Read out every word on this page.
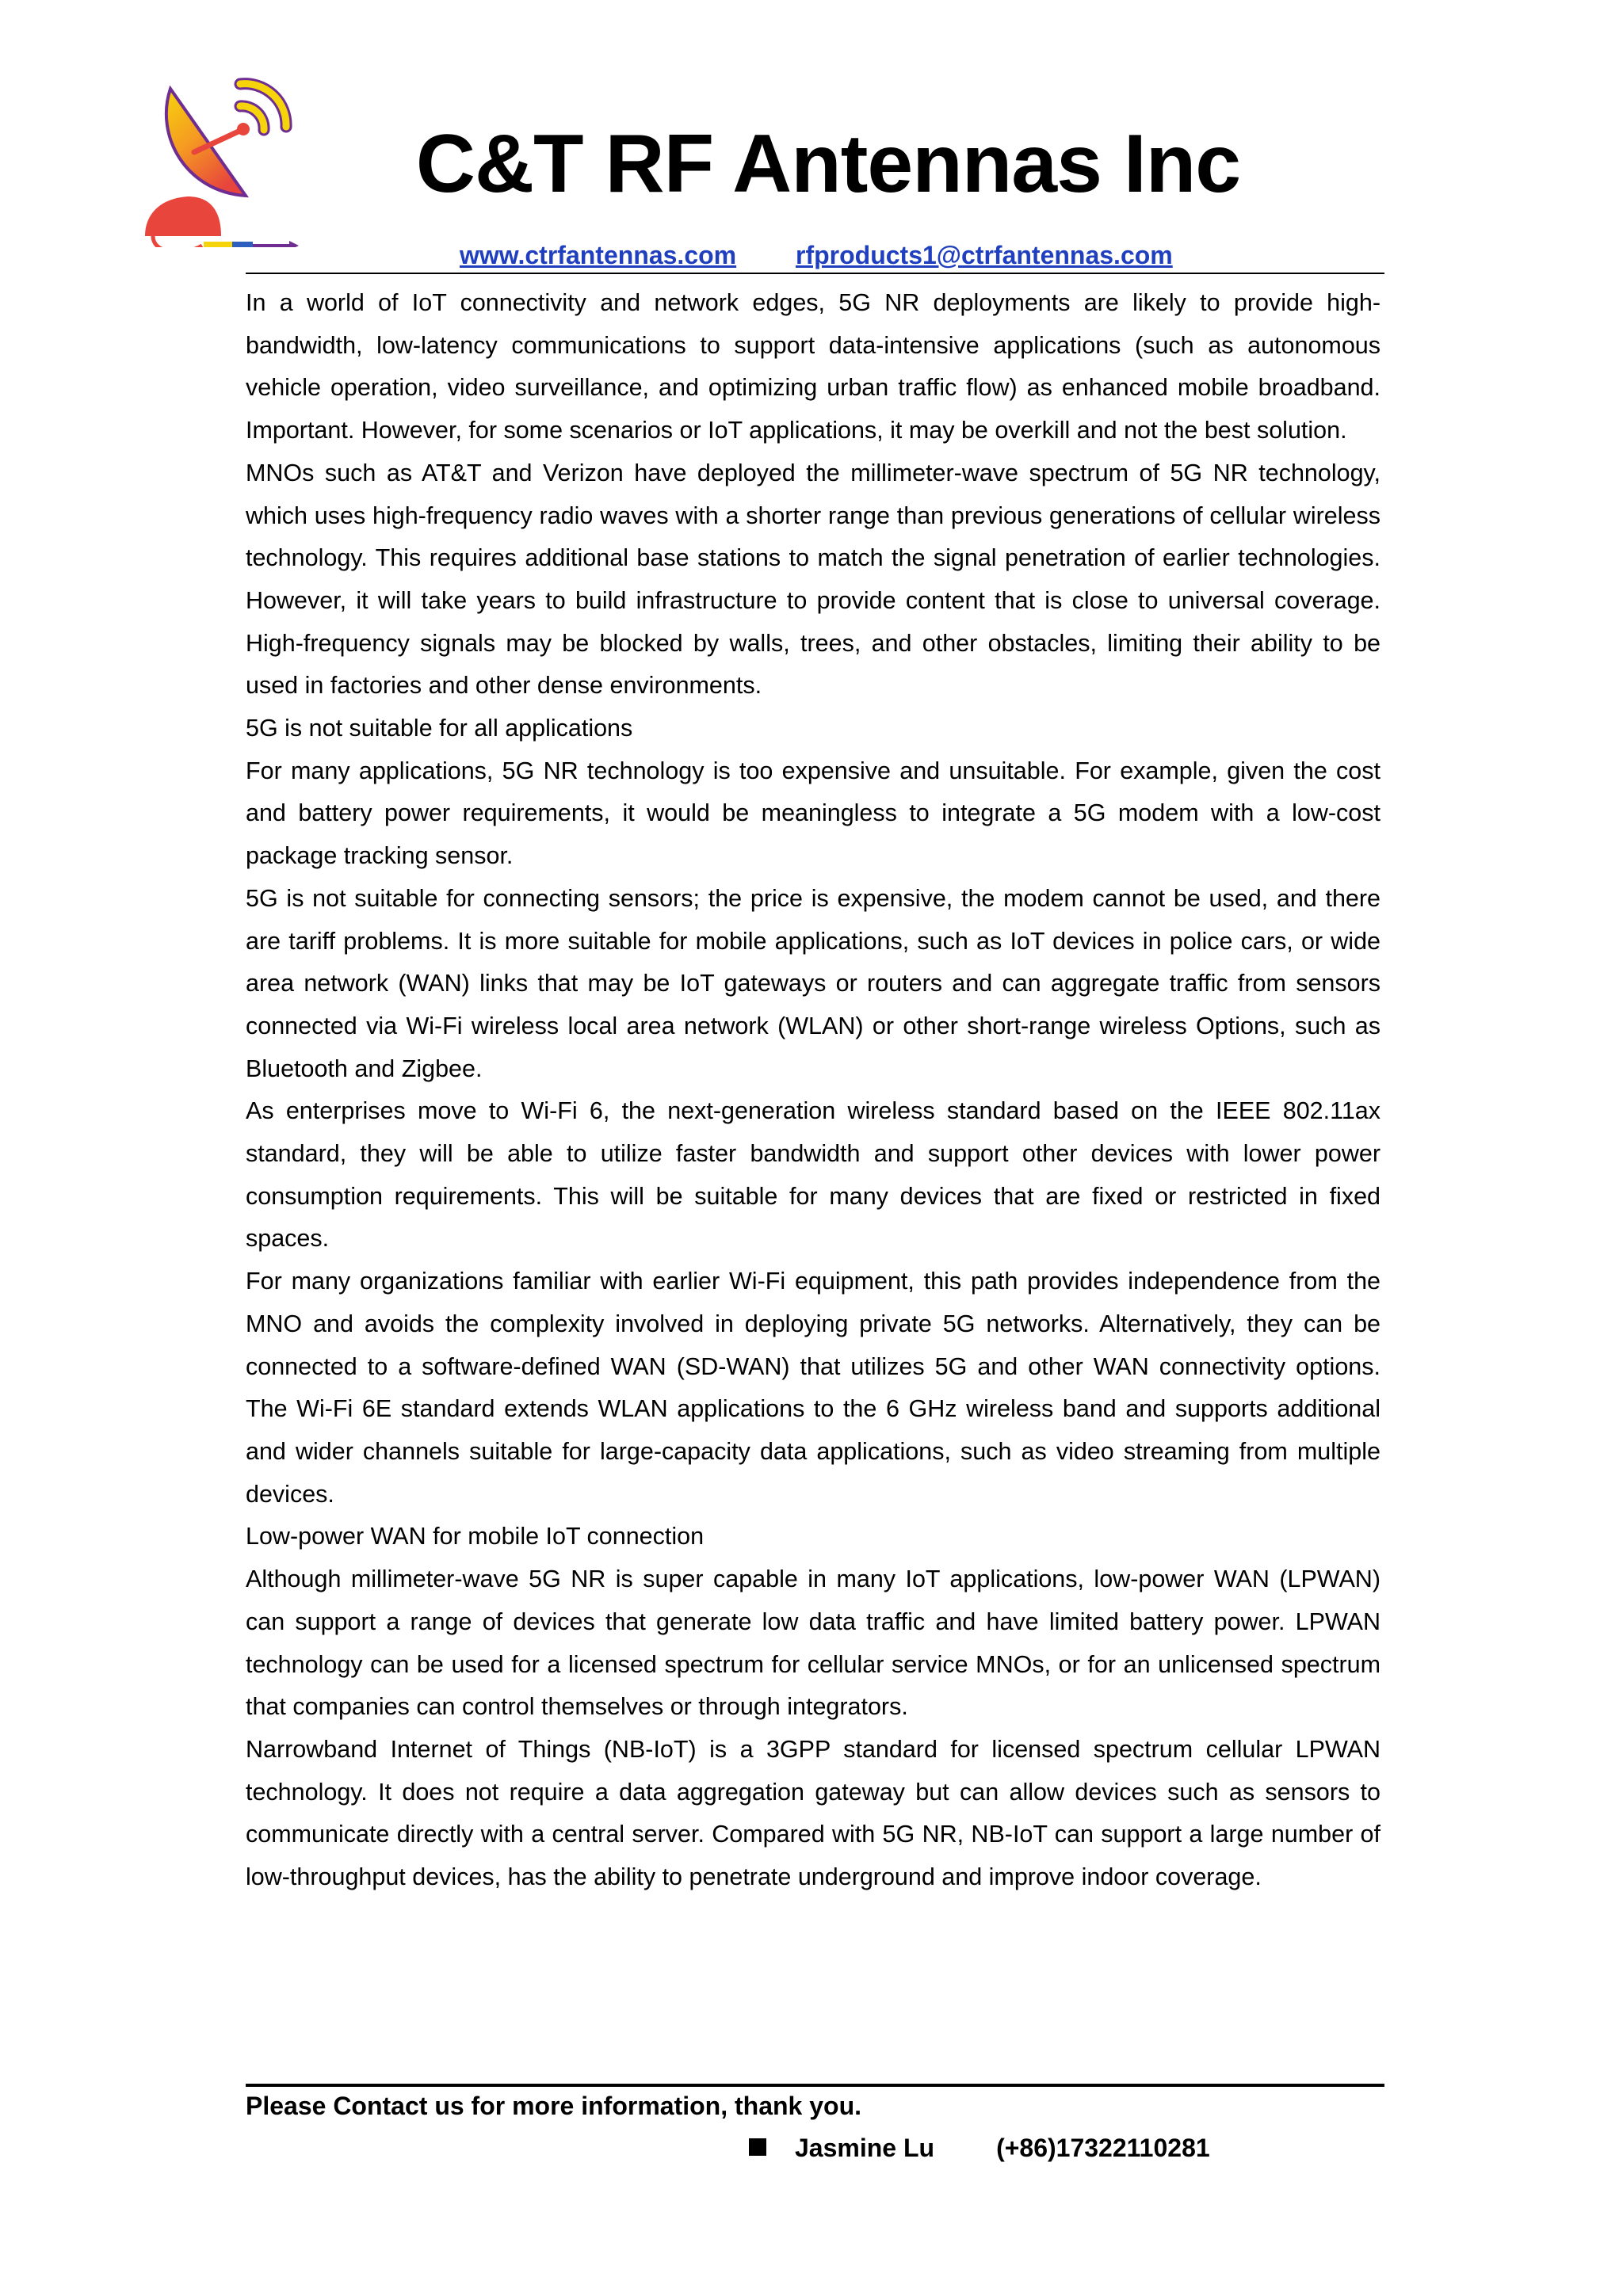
C&T RF Antennas Inc
www.ctrfantennas.com rfproducts1@ctrfantennas.com

In a world of IoT connectivity and network edges, 5G NR deployments are likely to provide high-bandwidth, low-latency communications to support data-intensive applications (such as autonomous vehicle operation, video surveillance, and optimizing urban traffic flow) as enhanced mobile broadband. Important. However, for some scenarios or IoT applications, it may be overkill and not the best solution.

MNOs such as AT&T and Verizon have deployed the millimeter-wave spectrum of 5G NR technology, which uses high-frequency radio waves with a shorter range than previous generations of cellular wireless technology. This requires additional base stations to match the signal penetration of earlier technologies. However, it will take years to build infrastructure to provide content that is close to universal coverage. High-frequency signals may be blocked by walls, trees, and other obstacles, limiting their ability to be used in factories and other dense environments.

5G is not suitable for all applications

For many applications, 5G NR technology is too expensive and unsuitable. For example, given the cost and battery power requirements, it would be meaningless to integrate a 5G modem with a low-cost package tracking sensor.

5G is not suitable for connecting sensors; the price is expensive, the modem cannot be used, and there are tariff problems. It is more suitable for mobile applications, such as IoT devices in police cars, or wide area network (WAN) links that may be IoT gateways or routers and can aggregate traffic from sensors connected via Wi-Fi wireless local area network (WLAN) or other short-range wireless Options, such as Bluetooth and Zigbee.

As enterprises move to Wi-Fi 6, the next-generation wireless standard based on the IEEE 802.11ax standard, they will be able to utilize faster bandwidth and support other devices with lower power consumption requirements. This will be suitable for many devices that are fixed or restricted in fixed spaces.

For many organizations familiar with earlier Wi-Fi equipment, this path provides independence from the MNO and avoids the complexity involved in deploying private 5G networks. Alternatively, they can be connected to a software-defined WAN (SD-WAN) that utilizes 5G and other WAN connectivity options. The Wi-Fi 6E standard extends WLAN applications to the 6 GHz wireless band and supports additional and wider channels suitable for large-capacity data applications, such as video streaming from multiple devices.

Low-power WAN for mobile IoT connection

Although millimeter-wave 5G NR is super capable in many IoT applications, low-power WAN (LPWAN) can support a range of devices that generate low data traffic and have limited battery power. LPWAN technology can be used for a licensed spectrum for cellular service MNOs, or for an unlicensed spectrum that companies can control themselves or through integrators.

Narrowband Internet of Things (NB-IoT) is a 3GPP standard for licensed spectrum cellular LPWAN technology. It does not require a data aggregation gateway but can allow devices such as sensors to communicate directly with a central server. Compared with 5G NR, NB-IoT can support a large number of low-throughput devices, has the ability to penetrate underground and improve indoor coverage.

Please Contact us for more information, thank you.
Jasmine Lu (+86)17322110281
